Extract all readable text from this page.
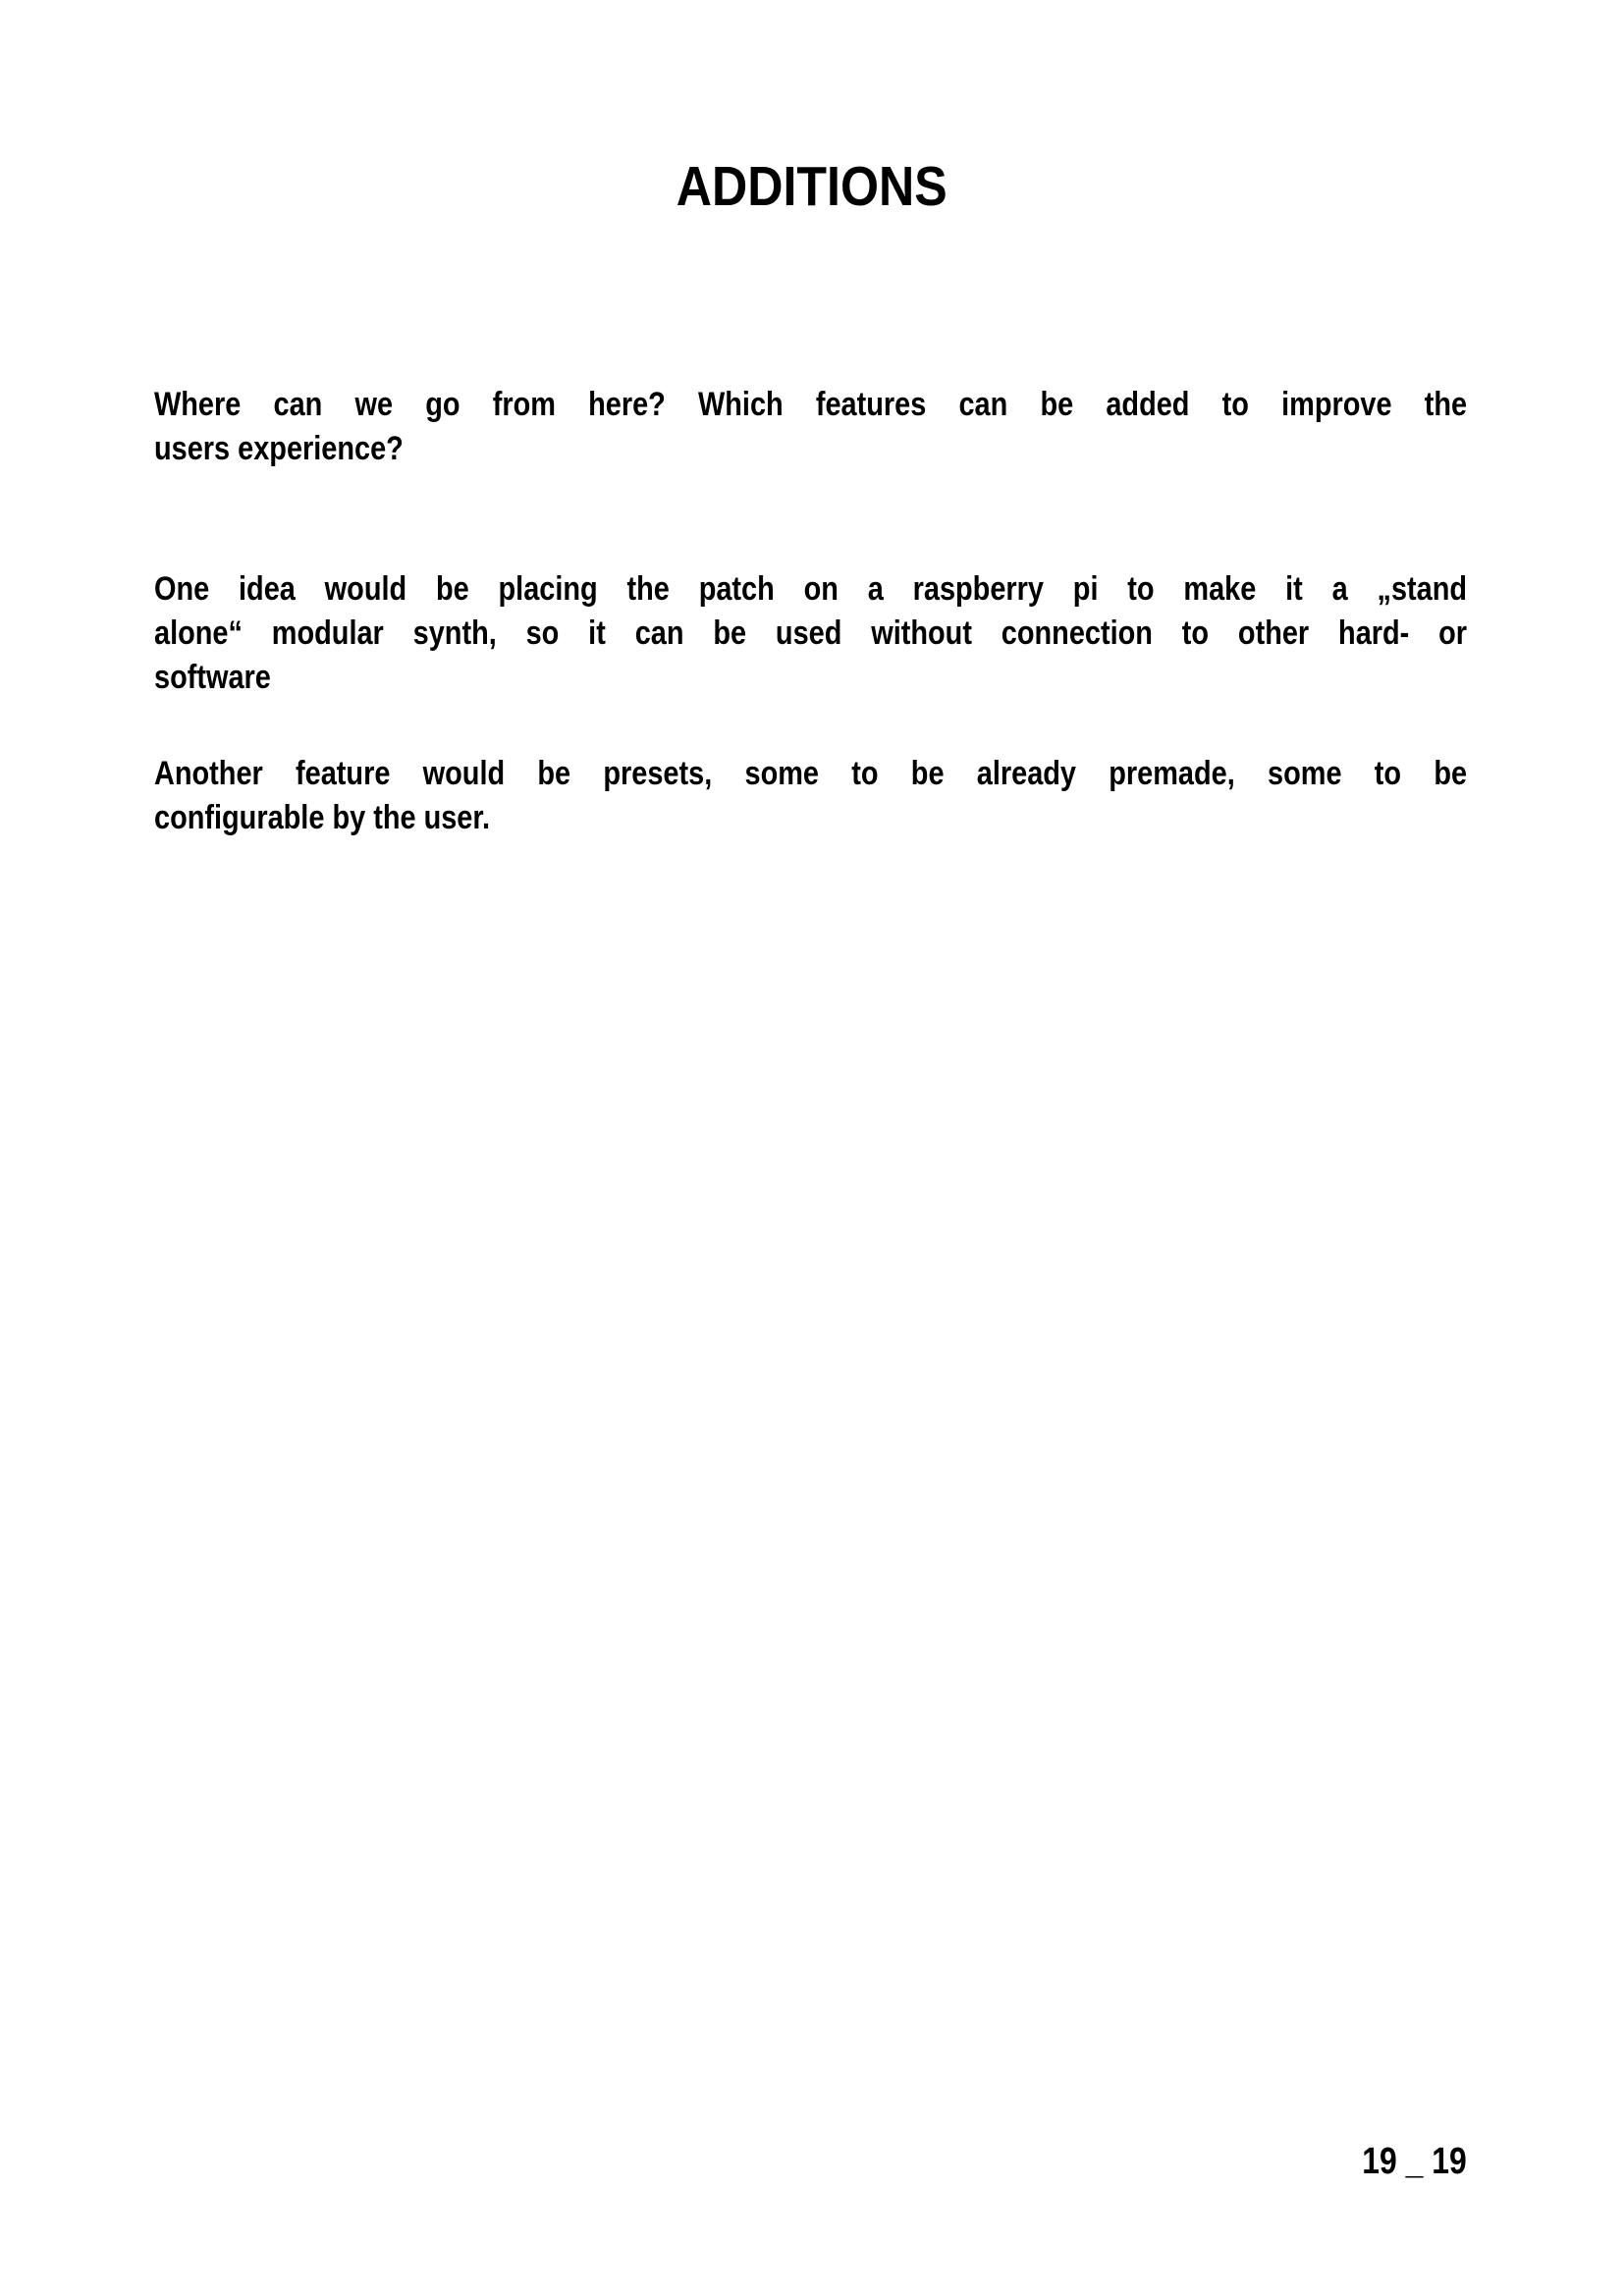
ADDITIONS
Where can we go from here? Which features can be added to improve the
users experience?
One idea would be placing the patch on a raspberry pi to make it a „stand
alone“ modular synth, so it can be used without connection to other hard- or
software
Another feature would be presets, some to be already premade, some to be
configurable by the user.
19 _ 19
